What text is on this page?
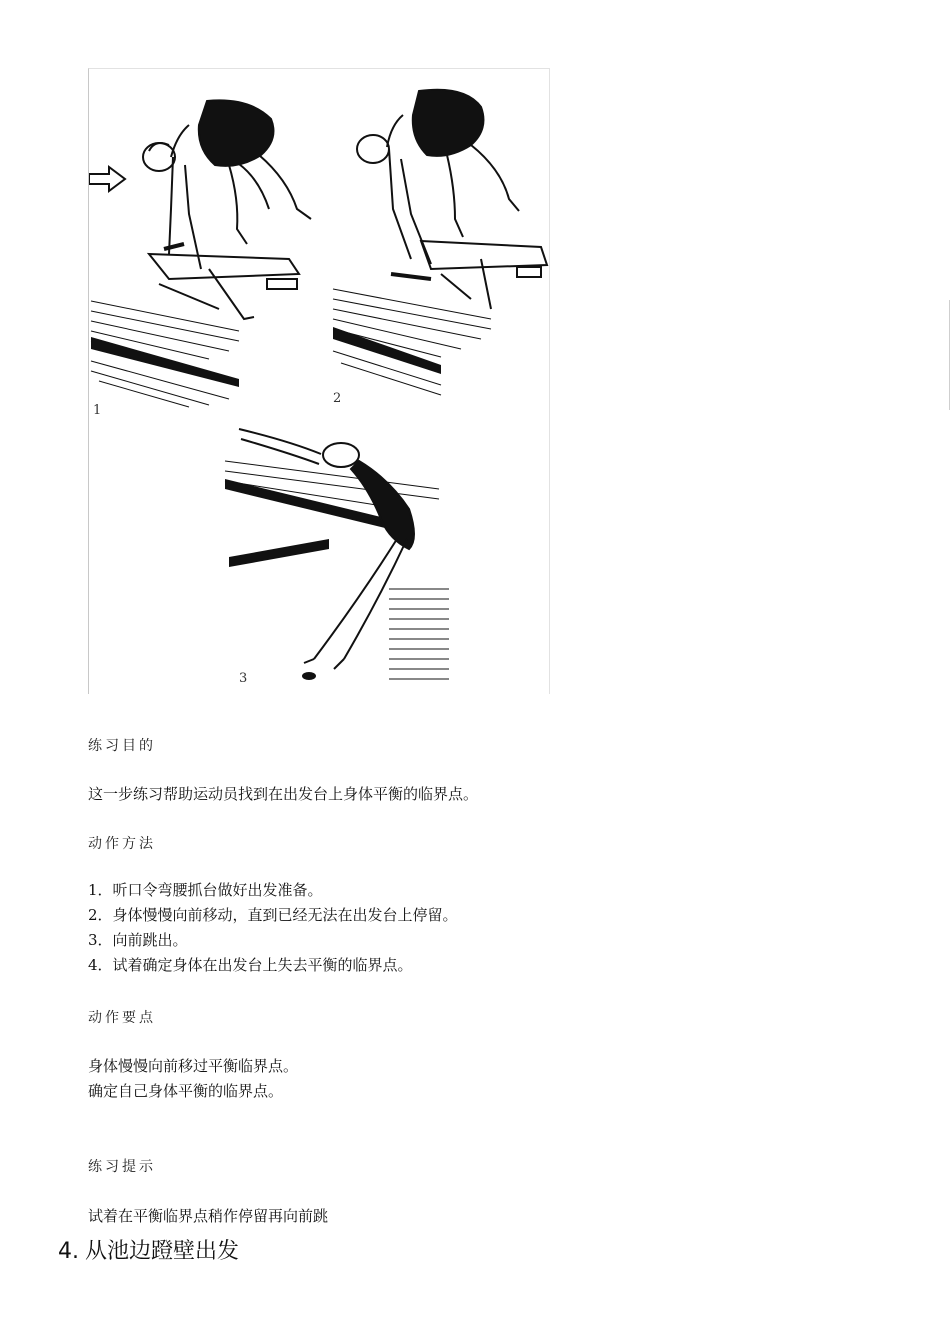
1
2
3
练习目的

这一步练习帮助运动员找到在出发台上身体平衡的临界点。

动作方法
1．听口令弯腰抓台做好出发准备。
2．身体慢慢向前移动，直到已经无法在出发台上停留。
3．向前跳出。
4．试着确定身体在出发台上失去平衡的临界点。
动作要点

身体慢慢向前移过平衡临界点。

确定自己身体平衡的临界点。

练习提示

试着在平衡临界点稍作停留再向前跳

4. 从池边蹬壁出发
